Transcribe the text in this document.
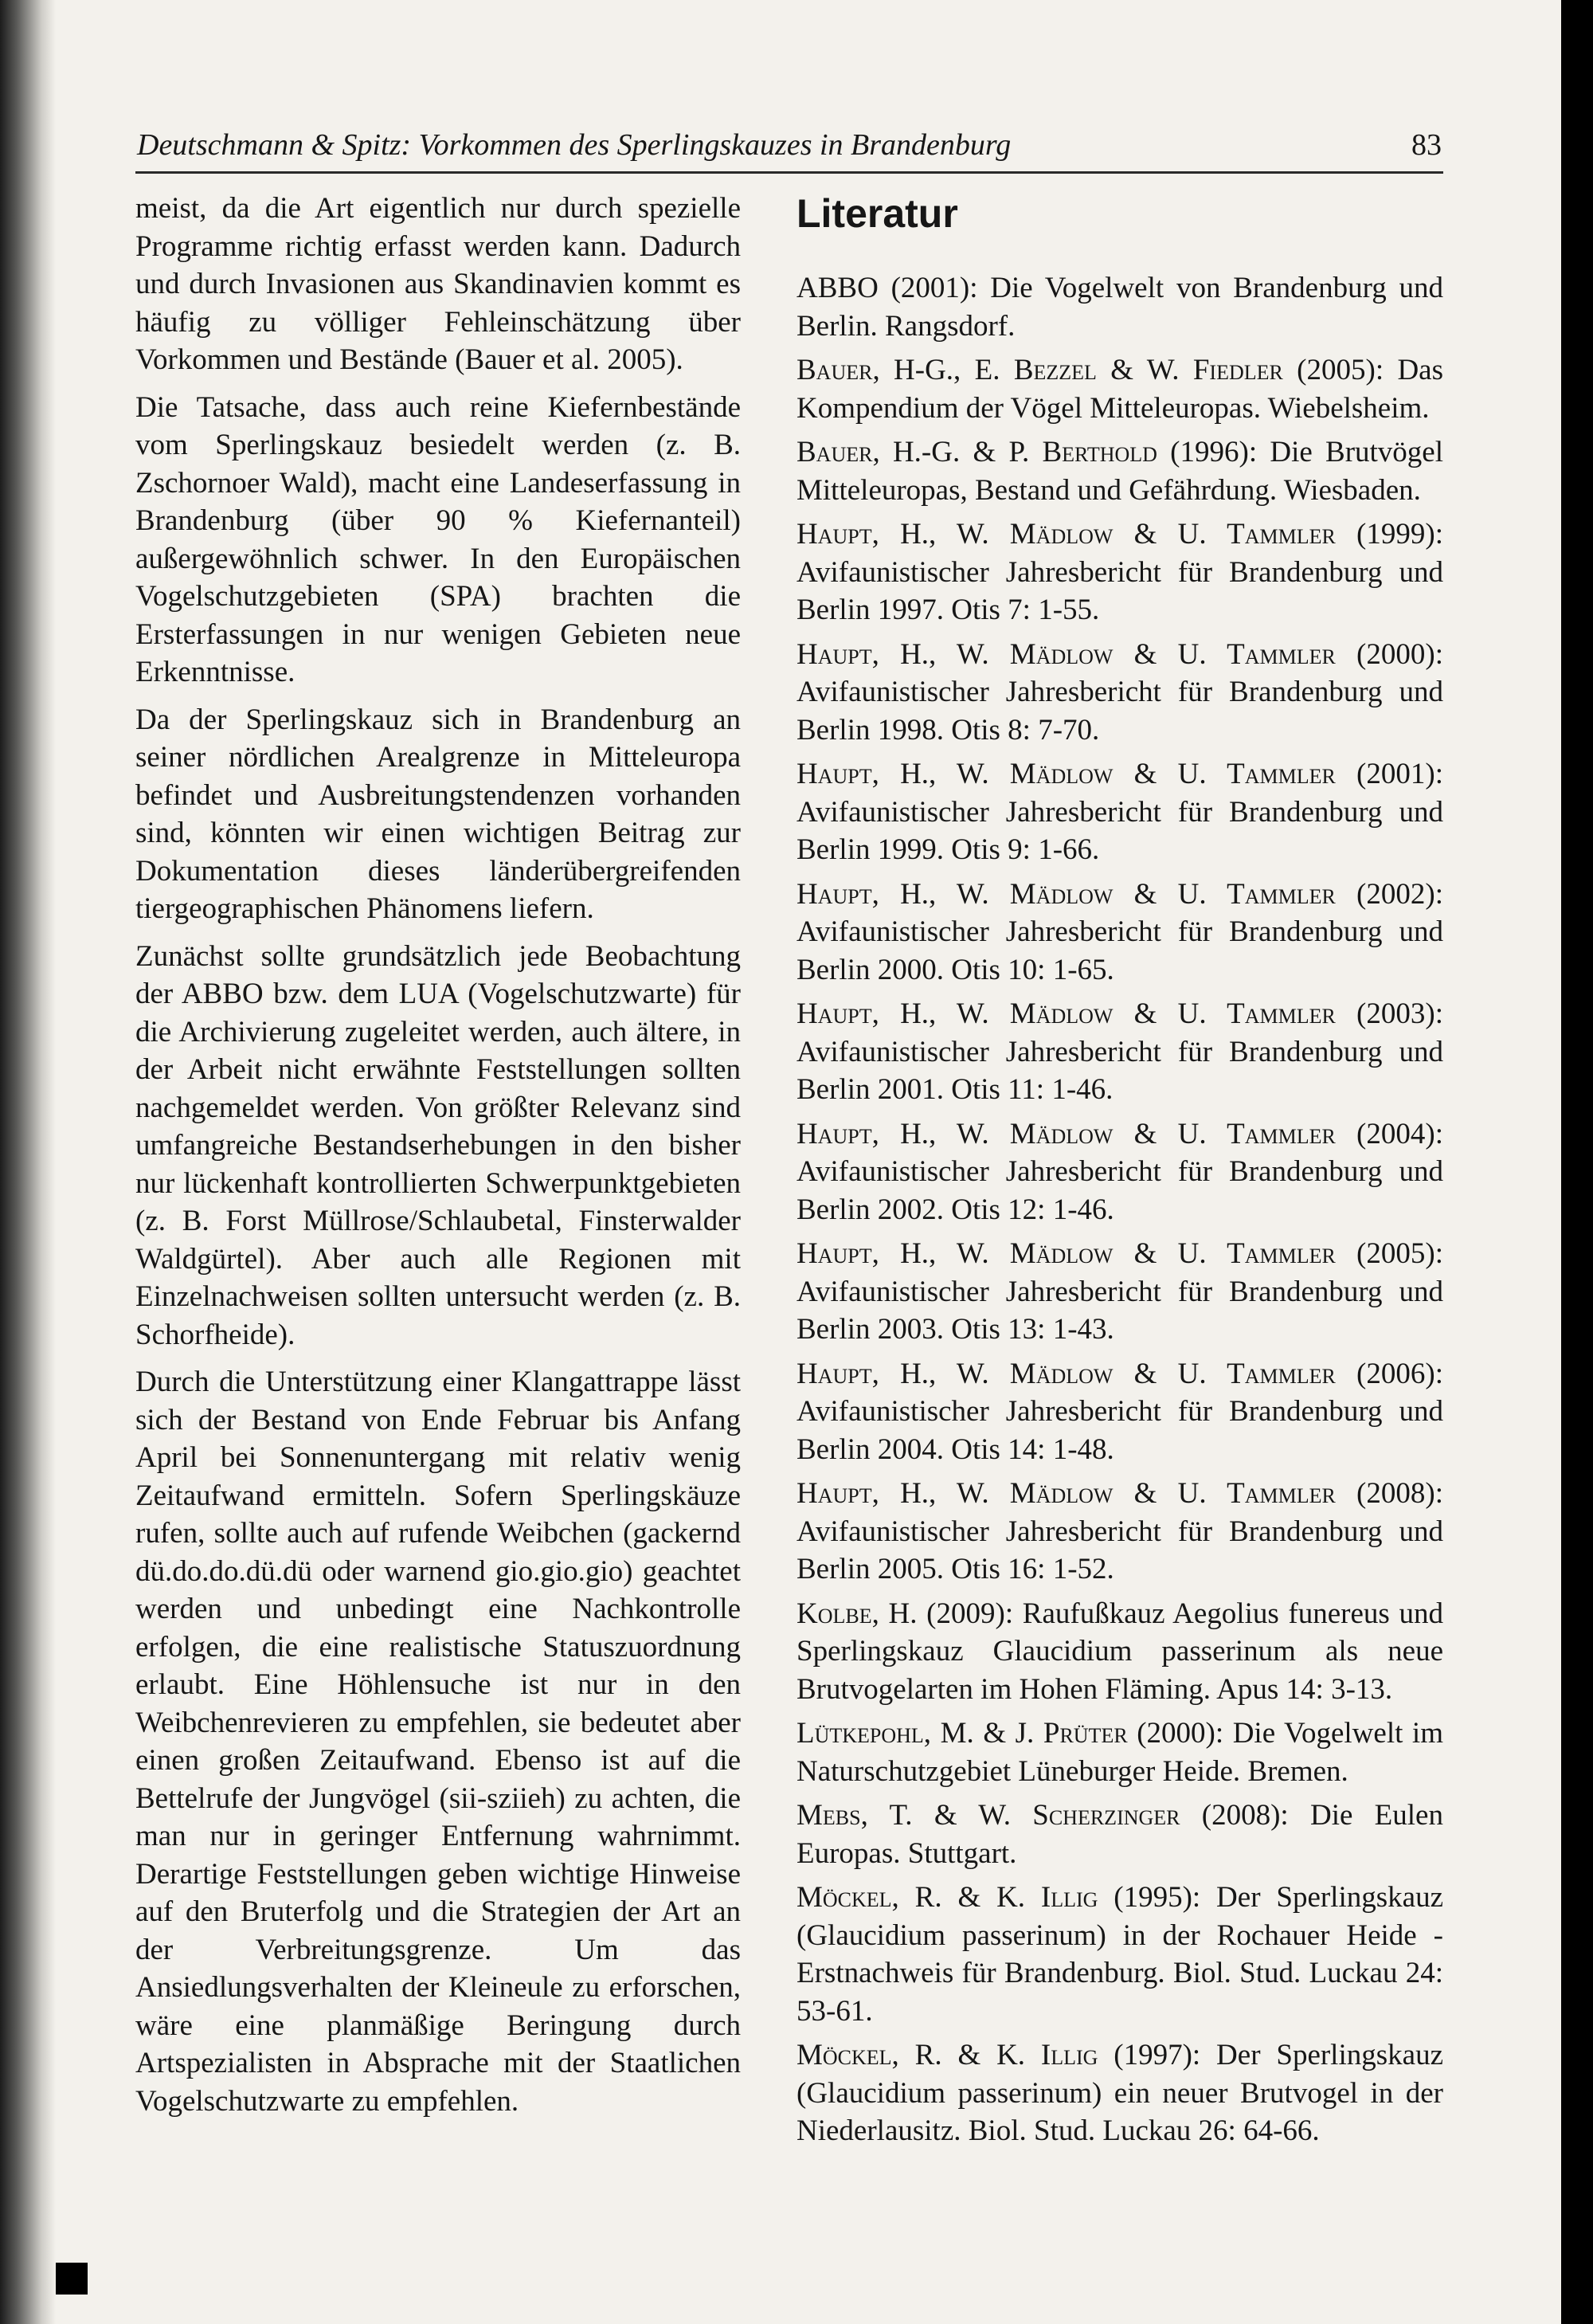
Deutschmann & Spitz: Vorkommen des Sperlingskauzes in Brandenburg	83

meist, da die Art eigentlich nur durch spezielle Programme richtig erfasst werden kann. Dadurch und durch Invasionen aus Skandinavien kommt es häufig zu völliger Fehleinschätzung über Vorkommen und Bestände (Bauer et al. 2005).

Die Tatsache, dass auch reine Kiefernbestände vom Sperlingskauz besiedelt werden (z. B. Zschornoer Wald), macht eine Landeserfassung in Brandenburg (über 90 % Kiefernanteil) außergewöhnlich schwer. In den Europäischen Vogelschutzgebieten (SPA) brachten die Ersterfassungen in nur wenigen Gebieten neue Erkenntnisse.

Da der Sperlingskauz sich in Brandenburg an seiner nördlichen Arealgrenze in Mitteleuropa befindet und Ausbreitungstendenzen vorhanden sind, könnten wir einen wichtigen Beitrag zur Dokumentation dieses länderübergreifenden tiergeographischen Phänomens liefern.

Zunächst sollte grundsätzlich jede Beobachtung der ABBO bzw. dem LUA (Vogelschutzwarte) für die Archivierung zugeleitet werden, auch ältere, in der Arbeit nicht erwähnte Feststellungen sollten nachgemeldet werden. Von größter Relevanz sind umfangreiche Bestandserhebungen in den bisher nur lückenhaft kontrollierten Schwerpunktgebieten (z. B. Forst Müllrose/Schlaubetal, Finsterwalder Waldgürtel). Aber auch alle Regionen mit Einzelnachweisen sollten untersucht werden (z. B. Schorfheide).

Durch die Unterstützung einer Klangattrappe lässt sich der Bestand von Ende Februar bis Anfang April bei Sonnenuntergang mit relativ wenig Zeitaufwand ermitteln. Sofern Sperlingskäuze rufen, sollte auch auf rufende Weibchen (gackernd dü.do.do.dü.dü oder warnend gio.gio.gio) geachtet werden und unbedingt eine Nachkontrolle erfolgen, die eine realistische Statuszuordnung erlaubt. Eine Höhlensuche ist nur in den Weibchenrevieren zu empfehlen, sie bedeutet aber einen großen Zeitaufwand. Ebenso ist auf die Bettelrufe der Jungvögel (sii-sziieh) zu achten, die man nur in geringer Entfernung wahrnimmt. Derartige Feststellungen geben wichtige Hinweise auf den Bruterfolg und die Strategien der Art an der Verbreitungsgrenze. Um das Ansiedlungsverhalten der Kleineule zu erforschen, wäre eine planmäßige Beringung durch Artspezialisten in Absprache mit der Staatlichen Vogelschutzwarte zu empfehlen.

Literatur
ABBO (2001): Die Vogelwelt von Brandenburg und Berlin. Rangsdorf.
Bauer, H-G., E. Bezzel & W. Fiedler (2005): Das Kompendium der Vögel Mitteleuropas. Wiebelsheim.
Bauer, H.-G. & P. Berthold (1996): Die Brutvögel Mitteleuropas, Bestand und Gefährdung. Wiesbaden.
Haupt, H., W. Mädlow & U. Tammler (1999): Avifaunistischer Jahresbericht für Brandenburg und Berlin 1997. Otis 7: 1-55.
Haupt, H., W. Mädlow & U. Tammler (2000): Avifaunistischer Jahresbericht für Brandenburg und Berlin 1998. Otis 8: 7-70.
Haupt, H., W. Mädlow & U. Tammler (2001): Avifaunistischer Jahresbericht für Brandenburg und Berlin 1999. Otis 9: 1-66.
Haupt, H., W. Mädlow & U. Tammler (2002): Avifaunistischer Jahresbericht für Brandenburg und Berlin 2000. Otis 10: 1-65.
Haupt, H., W. Mädlow & U. Tammler (2003): Avifaunistischer Jahresbericht für Brandenburg und Berlin 2001. Otis 11: 1-46.
Haupt, H., W. Mädlow & U. Tammler (2004): Avifaunistischer Jahresbericht für Brandenburg und Berlin 2002. Otis 12: 1-46.
Haupt, H., W. Mädlow & U. Tammler (2005): Avifaunistischer Jahresbericht für Brandenburg und Berlin 2003. Otis 13: 1-43.
Haupt, H., W. Mädlow & U. Tammler (2006): Avifaunistischer Jahresbericht für Brandenburg und Berlin 2004. Otis 14: 1-48.
Haupt, H., W. Mädlow & U. Tammler (2008): Avifaunistischer Jahresbericht für Brandenburg und Berlin 2005. Otis 16: 1-52.
Kolbe, H. (2009): Raufußkauz Aegolius funereus und Sperlingskauz Glaucidium passerinum als neue Brutvogelarten im Hohen Fläming. Apus 14: 3-13.
Lütkepohl, M. & J. Prüter (2000): Die Vogelwelt im Naturschutzgebiet Lüneburger Heide. Bremen.
Mebs, T. & W. Scherzinger (2008): Die Eulen Europas. Stuttgart.
Möckel, R. & K. Illig (1995): Der Sperlingskauz (Glaucidium passerinum) in der Rochauer Heide - Erstnachweis für Brandenburg. Biol. Stud. Luckau 24: 53-61.
Möckel, R. & K. Illig (1997): Der Sperlingskauz (Glaucidium passerinum) ein neuer Brutvogel in der Niederlausitz. Biol. Stud. Luckau 26: 64-66.
